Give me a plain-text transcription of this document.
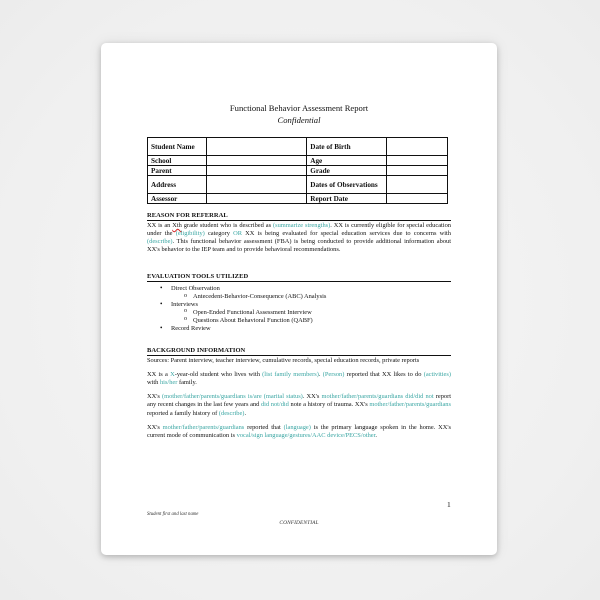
Functional Behavior Assessment Report
Confidential
Student Name		Date of Birth	
School		Age	
Parent		Grade	
Address		Dates of Observations	
Assessor		Report Date	
REASON FOR REFERRAL

XX is an Xth grade student who is described as (summarize strengths). XX is currently eligible for special education under the (eligibility) category OR XX is being evaluated for special education services due to concerns with (describe). This functional behavior assessment (FBA) is being conducted to provide additional information about XX's behavior to the IEP team and to provide behavioral recommendations.

EVALUATION TOOLS UTILIZED
• Direct Observation
o Antecedent-Behavior-Consequence (ABC) Analysis
• Interviews
o Open-Ended Functional Assessment Interview
o Questions About Behavioral Function (QABF)
• Record Review
BACKGROUND INFORMATION

Sources: Parent interview, teacher interview, cumulative records, special education records, private reports

XX is a X-year-old student who lives with (list family members). (Person) reported that XX likes to do (activities) with his/her family.

XX's (mother/father/parents/guardians is/are (marital status). XX's mother/father/parents/guardians did/did not report any recent changes in the last few years and did not/did note a history of trauma. XX's mother/father/parents/guardians reported a family history of (describe).

XX's mother/father/parents/guardians reported that (language) is the primary language spoken in the home. XX's current mode of communication is vocal/sign language/gestures/AAC device/PECS/other.

1
Student first and last name
CONFIDENTIAL
